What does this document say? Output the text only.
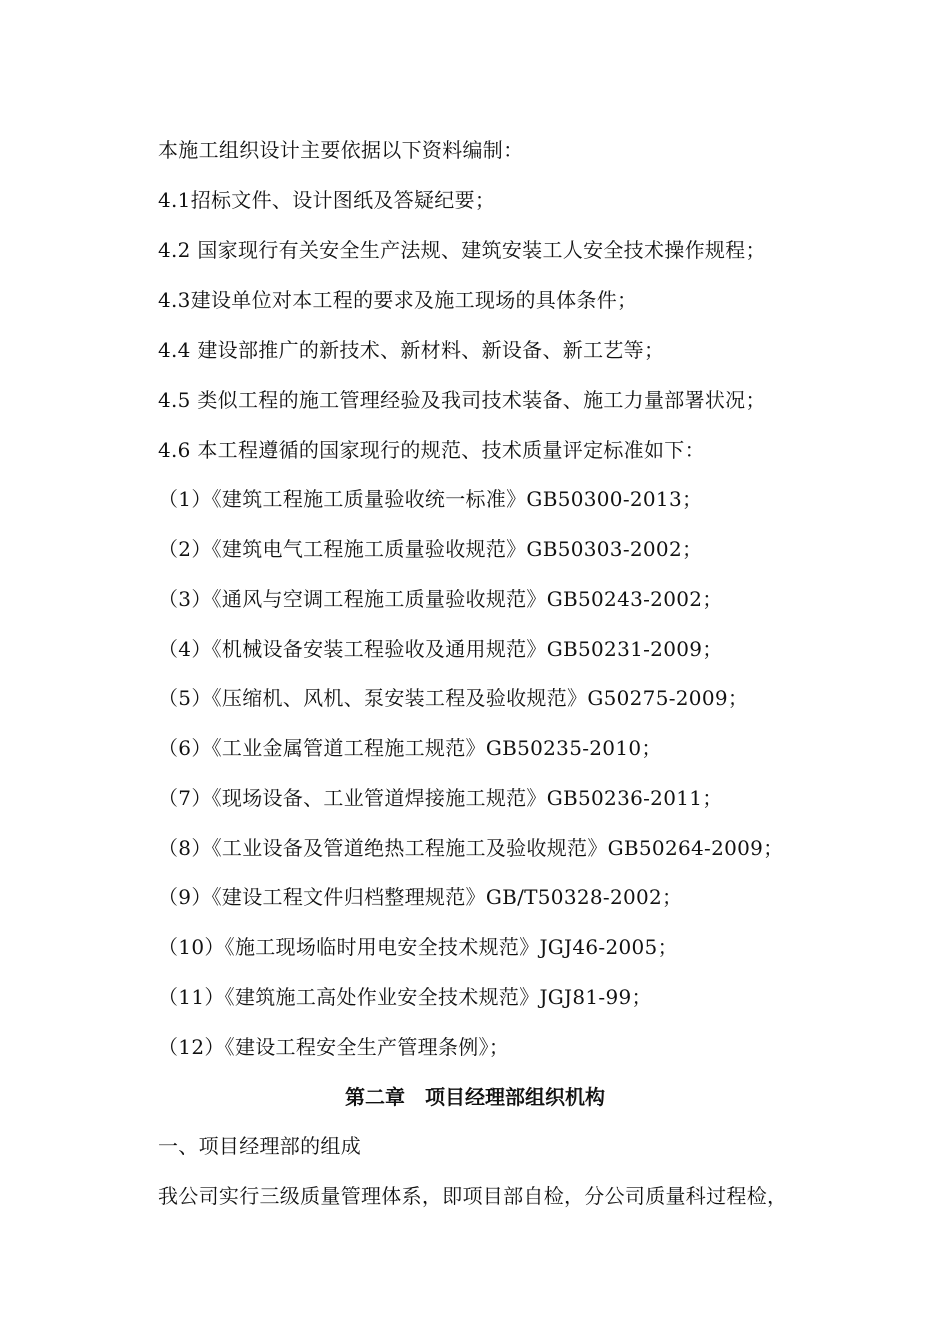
本施工组织设计主要依据以下资料编制：
4.1招标文件、设计图纸及答疑纪要；
4.2 国家现行有关安全生产法规、建筑安装工人安全技术操作规程；
4.3建设单位对本工程的要求及施工现场的具体条件；
4.4 建设部推广的新技术、新材料、新设备、新工艺等；
4.5 类似工程的施工管理经验及我司技术装备、施工力量部署状况；
4.6 本工程遵循的国家现行的规范、技术质量评定标准如下：
（1）《建筑工程施工质量验收统一标准》GB50300-2013；
（2）《建筑电气工程施工质量验收规范》GB50303-2002；
（3）《通风与空调工程施工质量验收规范》GB50243-2002；
（4）《机械设备安装工程验收及通用规范》GB50231-2009；
（5）《压缩机、风机、泵安装工程及验收规范》G50275-2009；
（6）《工业金属管道工程施工规范》GB50235-2010；
（7）《现场设备、工业管道焊接施工规范》GB50236-2011；
（8）《工业设备及管道绝热工程施工及验收规范》GB50264-2009；
（9）《建设工程文件归档整理规范》GB/T50328-2002；
（10）《施工现场临时用电安全技术规范》JGJ46-2005；
（11）《建筑施工高处作业安全技术规范》JGJ81-99；
（12）《建设工程安全生产管理条例》；
第二章　项目经理部组织机构
一、项目经理部的组成
我公司实行三级质量管理体系，即项目部自检，分公司质量科过程检，
